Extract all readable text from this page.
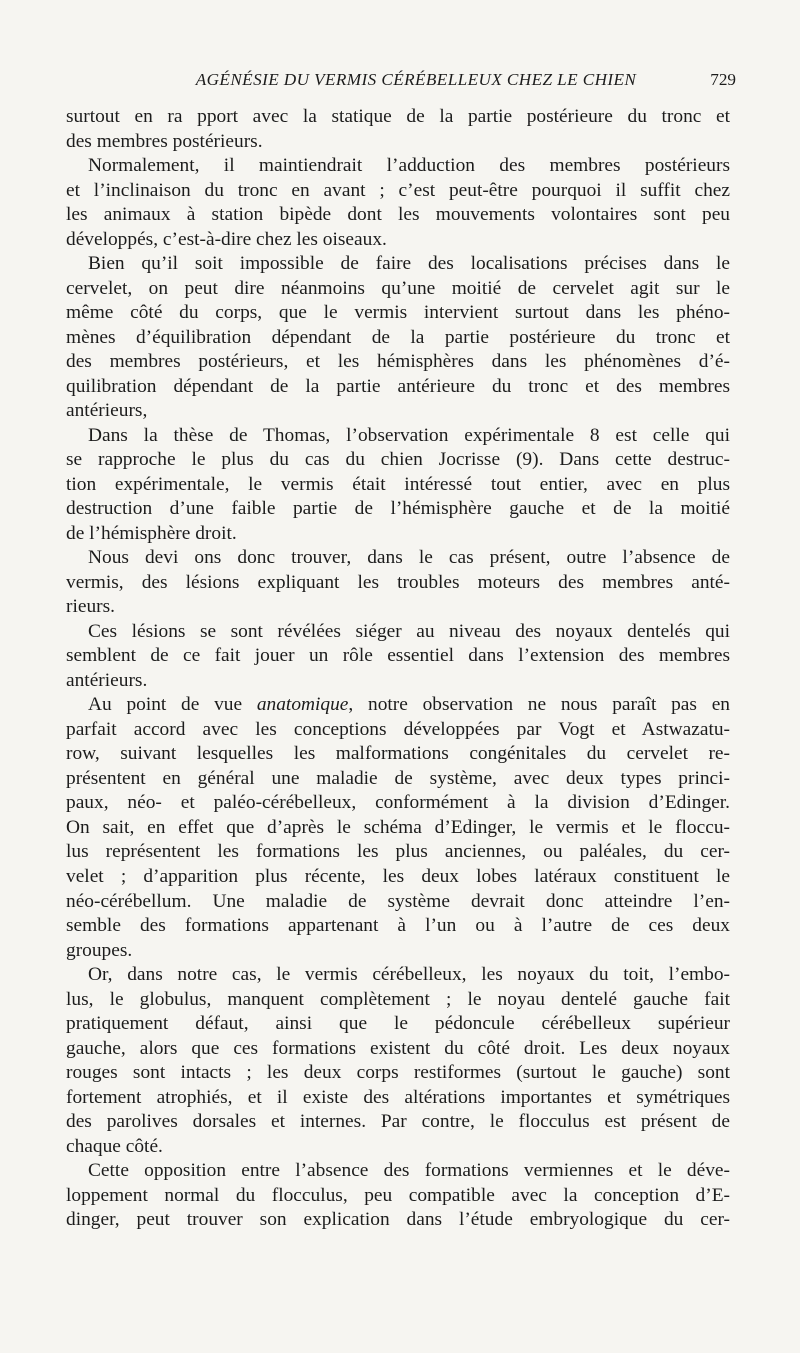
AGÉNÉSIE DU VERMIS CÉRÉBELLEUX CHEZ LE CHIEN	729
surtout en ra pport avec la statique de la partie postérieure du tronc et
des membres postérieurs.
Normalement, il maintiendrait l’adduction des membres postérieurs
et l’inclinaison du tronc en avant ; c’est peut-être pourquoi il suffit chez
les animaux à station bipède dont les mouvements volontaires sont peu
développés, c’est-à-dire chez les oiseaux.
Bien qu’il soit impossible de faire des localisations précises dans le
cervelet, on peut dire néanmoins qu’une moitié de cervelet agit sur le
même côté du corps, que le vermis intervient surtout dans les phéno-
mènes d’équilibration dépendant de la partie postérieure du tronc et
des membres postérieurs, et les hémisphères dans les phénomènes d’é-
quilibration dépendant de la partie antérieure du tronc et des membres
antérieurs,
Dans la thèse de Thomas, l’observation expérimentale 8 est celle qui
se rapproche le plus du cas du chien Jocrisse (9). Dans cette destruc-
tion expérimentale, le vermis était intéressé tout entier, avec en plus
destruction d’une faible partie de l’hémisphère gauche et de la moitié
de l’hémisphère droit.
Nous devi ons donc trouver, dans le cas présent, outre l’absence de
vermis, des lésions expliquant les troubles moteurs des membres anté-
rieurs.
Ces lésions se sont révélées siéger au niveau des noyaux dentelés qui
semblent de ce fait jouer un rôle essentiel dans l’extension des membres
antérieurs.
Au point de vue anatomique, notre observation ne nous paraît pas en
parfait accord avec les conceptions développées par Vogt et Astwazatu-
row, suivant lesquelles les malformations congénitales du cervelet re-
présentent en général une maladie de système, avec deux types princi-
paux, néo- et paléo-cérébelleux, conformément à la division d’Edinger.
On sait, en effet que d’après le schéma d’Edinger, le vermis et le floccu-
lus représentent les formations les plus anciennes, ou paléales, du cer-
velet ; d’apparition plus récente, les deux lobes latéraux constituent le
néo-cérébellum. Une maladie de système devrait donc atteindre l’en-
semble des formations appartenant à l’un ou à l’autre de ces deux
groupes.
Or, dans notre cas, le vermis cérébelleux, les noyaux du toit, l’embo-
lus, le globulus, manquent complètement ; le noyau dentelé gauche fait
pratiquement défaut, ainsi que le pédoncule cérébelleux supérieur
gauche, alors que ces formations existent du côté droit. Les deux noyaux
rouges sont intacts ; les deux corps restiformes (surtout le gauche) sont
fortement atrophiés, et il existe des altérations importantes et symétriques
des parolives dorsales et internes. Par contre, le flocculus est présent de
chaque côté.
Cette opposition entre l’absence des formations vermiennes et le déve-
loppement normal du flocculus, peu compatible avec la conception d’E-
dinger, peut trouver son explication dans l’étude embryologique du cer-
